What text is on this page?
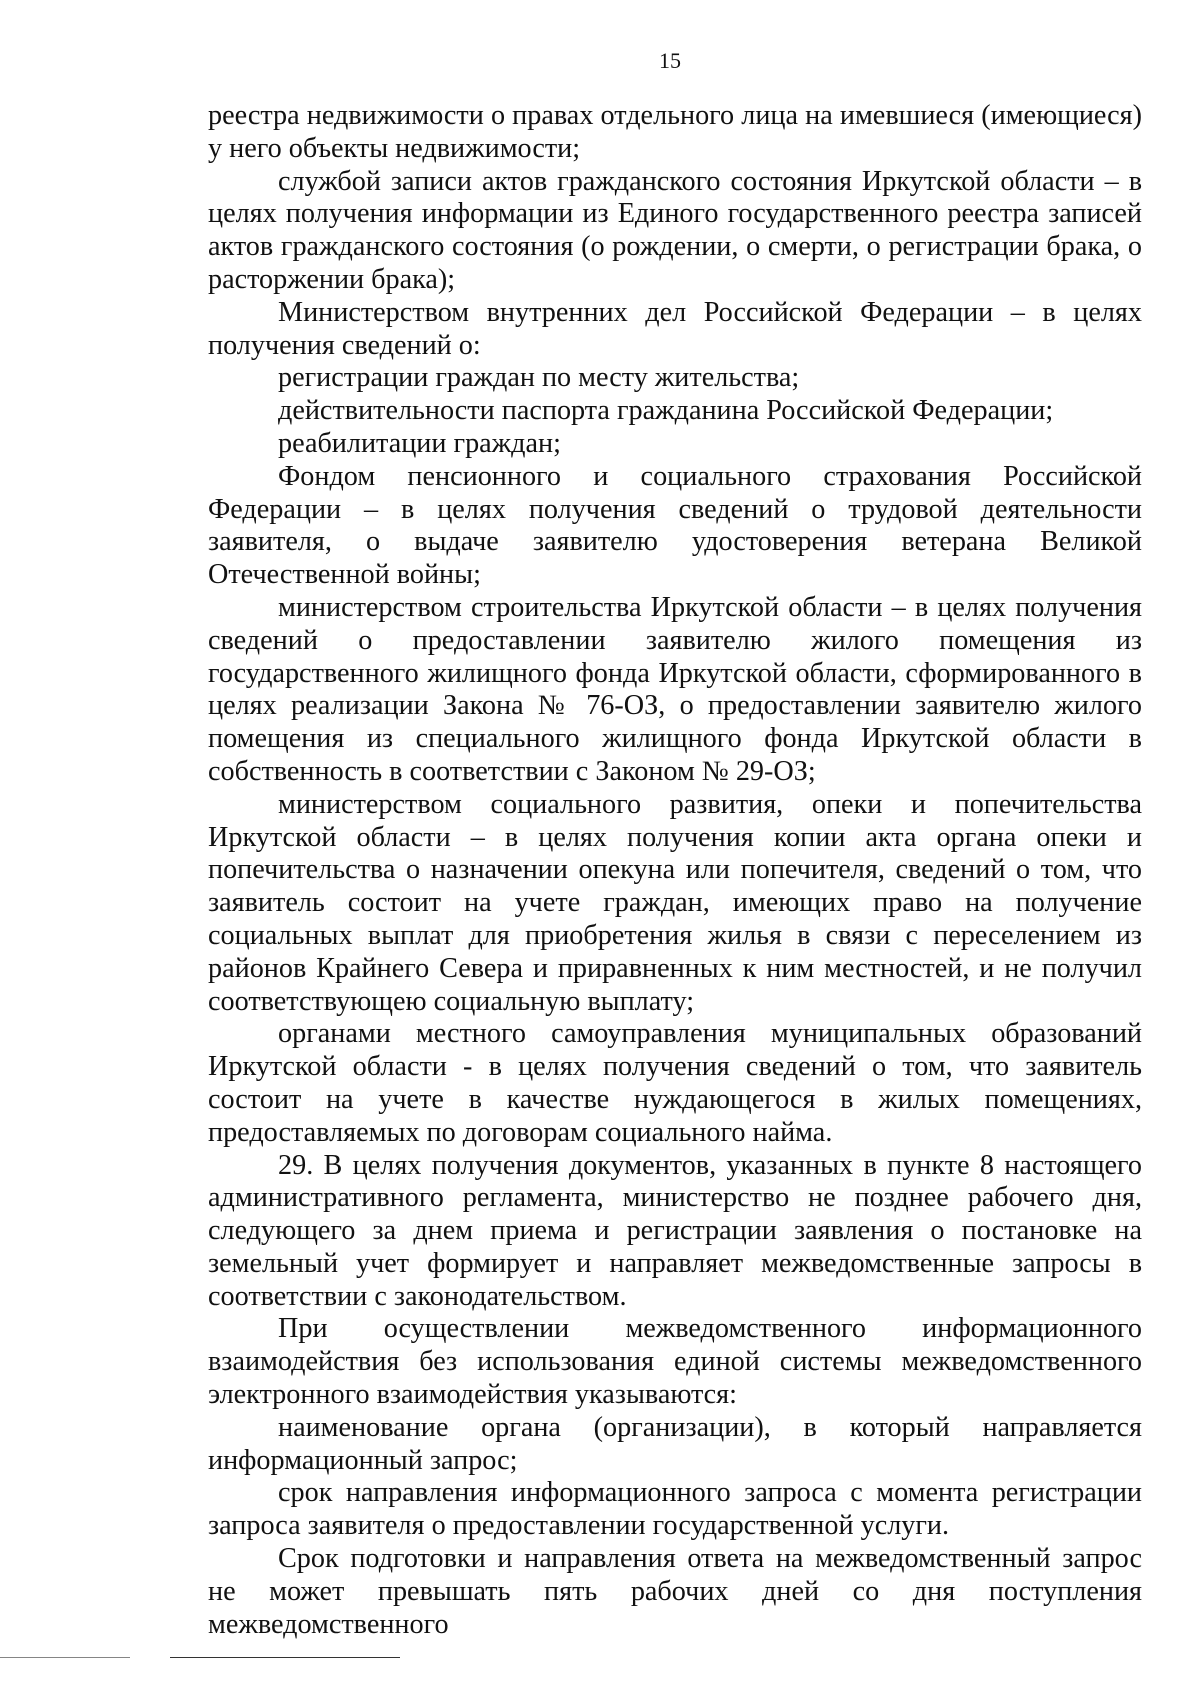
15

реестра недвижимости о правах отдельного лица на имевшиеся (имеющиеся) у него объекты недвижимости;

службой записи актов гражданского состояния Иркутской области – в целях получения информации из Единого государственного реестра записей актов гражданского состояния (о рождении, о смерти, о регистрации брака, о расторжении брака);

Министерством внутренних дел Российской Федерации – в целях получения сведений о:

регистрации граждан по месту жительства;

действительности паспорта гражданина Российской Федерации;

реабилитации граждан;

Фондом пенсионного и социального страхования Российской Федерации – в целях получения сведений о трудовой деятельности заявителя, о выдаче заявителю удостоверения ветерана Великой Отечественной войны;

министерством строительства Иркутской области – в целях получения сведений о предоставлении заявителю жилого помещения из государственного жилищного фонда Иркутской области, сформированного в целях реализации Закона № 76-ОЗ, о предоставлении заявителю жилого помещения из специального жилищного фонда Иркутской области в собственность в соответствии с Законом № 29-ОЗ;

министерством социального развития, опеки и попечительства Иркутской области – в целях получения копии акта органа опеки и попечительства о назначении опекуна или попечителя, сведений о том, что заявитель состоит на учете граждан, имеющих право на получение социальных выплат для приобретения жилья в связи с переселением из районов Крайнего Севера и приравненных к ним местностей, и не получил соответствующею социальную выплату;

органами местного самоуправления муниципальных образований Иркутской области - в целях получения сведений о том, что заявитель состоит на учете в качестве нуждающегося в жилых помещениях, предоставляемых по договорам социального найма.

29. В целях получения документов, указанных в пункте 8 настоящего административного регламента, министерство не позднее рабочего дня, следующего за днем приема и регистрации заявления о постановке на земельный учет формирует и направляет межведомственные запросы в соответствии с законодательством.

При осуществлении межведомственного информационного взаимодействия без использования единой системы межведомственного электронного взаимодействия указываются:

наименование органа (организации), в который направляется информационный запрос;

срок направления информационного запроса с момента регистрации запроса заявителя о предоставлении государственной услуги.

Срок подготовки и направления ответа на межведомственный запрос не может превышать пять рабочих дней со дня поступления межведомственного
